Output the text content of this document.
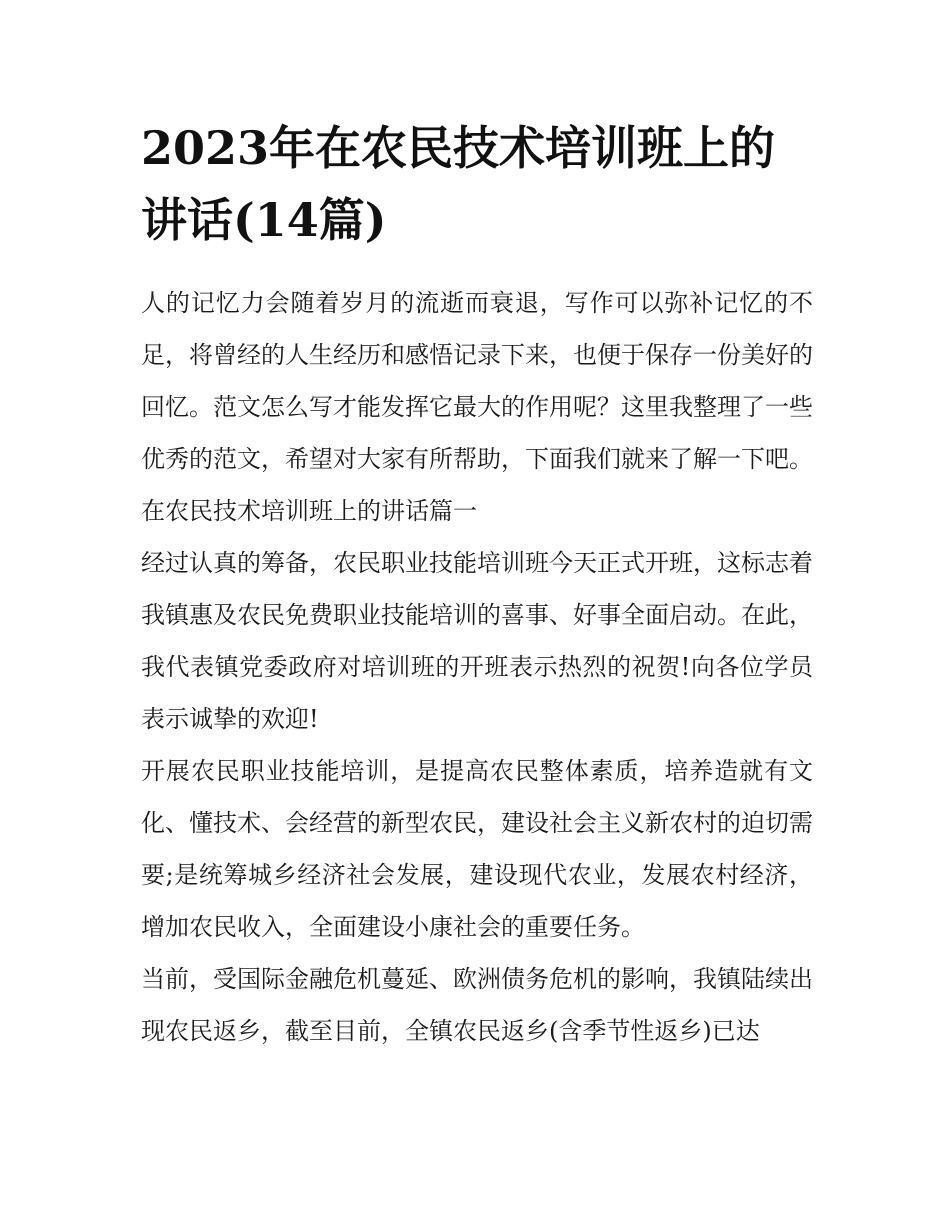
2023年在农民技术培训班上的讲话(14篇)

人的记忆力会随着岁月的流逝而衰退，写作可以弥补记忆的不足，将曾经的人生经历和感悟记录下来，也便于保存一份美好的回忆。范文怎么写才能发挥它最大的作用呢？这里我整理了一些优秀的范文，希望对大家有所帮助，下面我们就来了解一下吧。

在农民技术培训班上的讲话篇一

经过认真的筹备，农民职业技能培训班今天正式开班，这标志着我镇惠及农民免费职业技能培训的喜事、好事全面启动。在此，我代表镇党委政府对培训班的开班表示热烈的祝贺!向各位学员表示诚挚的欢迎!

开展农民职业技能培训，是提高农民整体素质，培养造就有文化、懂技术、会经营的新型农民，建设社会主义新农村的迫切需要;是统筹城乡经济社会发展，建设现代农业，发展农村经济，增加农民收入，全面建设小康社会的重要任务。

当前，受国际金融危机蔓延、欧洲债务危机的影响，我镇陆续出现农民返乡，截至目前，全镇农民返乡(含季节性返乡)已达
